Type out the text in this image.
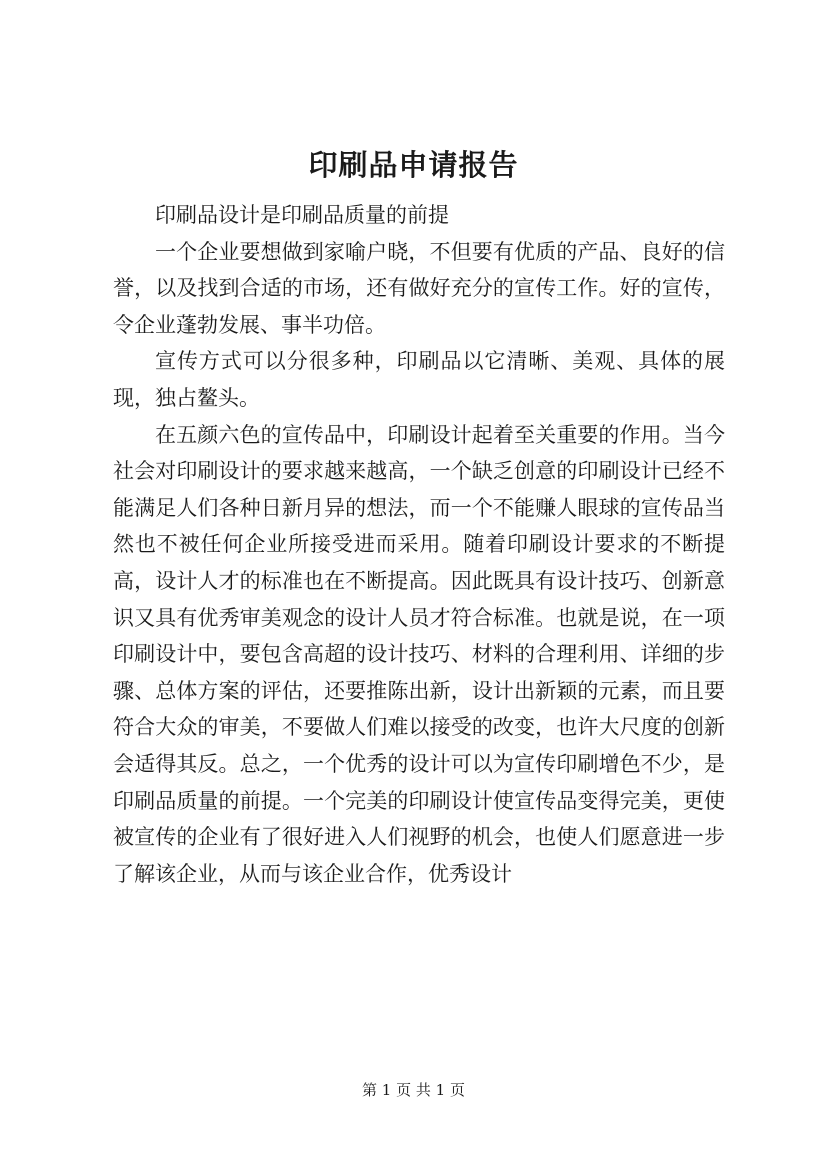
印刷品申请报告

印刷品设计是印刷品质量的前提

一个企业要想做到家喻户晓，不但要有优质的产品、良好的信誉，以及找到合适的市场，还有做好充分的宣传工作。好的宣传，令企业蓬勃发展、事半功倍。

宣传方式可以分很多种，印刷品以它清晰、美观、具体的展现，独占鳌头。

在五颜六色的宣传品中，印刷设计起着至关重要的作用。当今社会对印刷设计的要求越来越高，一个缺乏创意的印刷设计已经不能满足人们各种日新月异的想法，而一个不能赚人眼球的宣传品当然也不被任何企业所接受进而采用。随着印刷设计要求的不断提高，设计人才的标准也在不断提高。因此既具有设计技巧、创新意识又具有优秀审美观念的设计人员才符合标准。也就是说，在一项印刷设计中，要包含高超的设计技巧、材料的合理利用、详细的步骤、总体方案的评估，还要推陈出新，设计出新颖的元素，而且要符合大众的审美，不要做人们难以接受的改变，也许大尺度的创新会适得其反。总之，一个优秀的设计可以为宣传印刷增色不少，是印刷品质量的前提。一个完美的印刷设计使宣传品变得完美，更使被宣传的企业有了很好进入人们视野的机会，也使人们愿意进一步了解该企业，从而与该企业合作，优秀设计

第 1 页 共 1 页
